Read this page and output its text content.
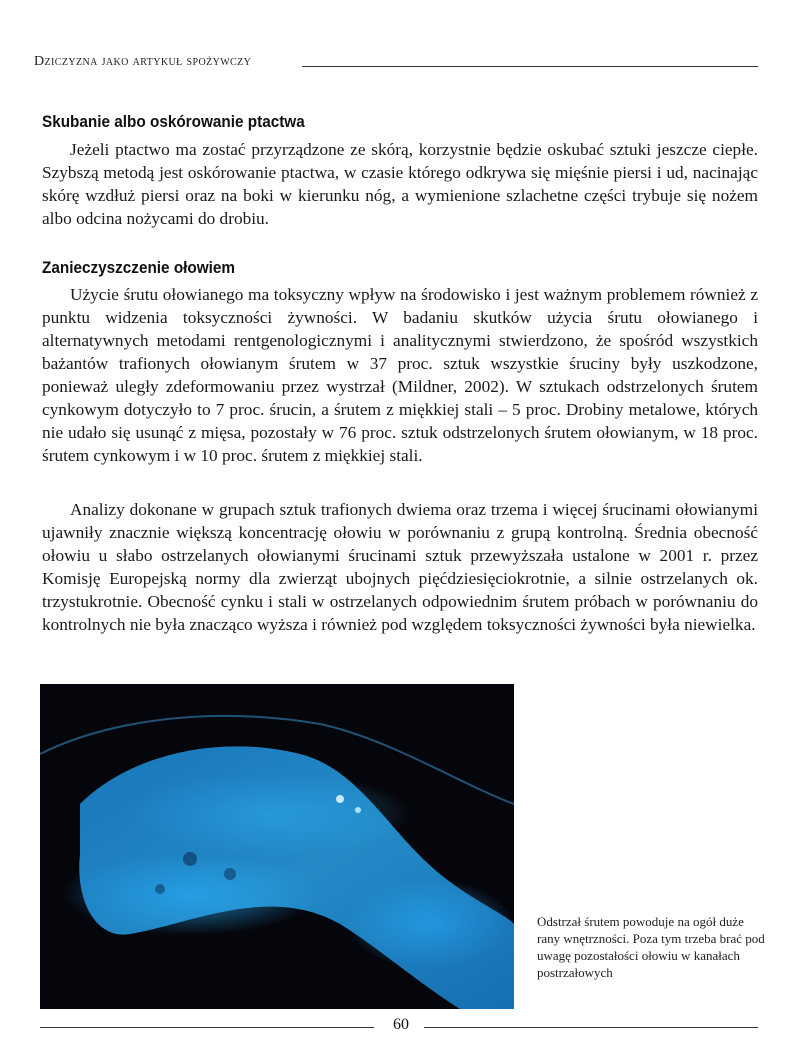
Dziczyzna jako artykuł spożywczy
Skubanie albo oskórowanie ptactwa

Jeżeli ptactwo ma zostać przyrządzone ze skórą, korzystnie będzie oskubać sztuki jeszcze ciepłe. Szybszą metodą jest oskórowanie ptactwa, w czasie którego odkrywa się mięśnie piersi i ud, nacinając skórę wzdłuż piersi oraz na boki w kierunku nóg, a wymienione szlachetne części trybuje się nożem albo odcina nożycami do drobiu.

Zanieczyszczenie ołowiem

Użycie śrutu ołowianego ma toksyczny wpływ na środowisko i jest ważnym problemem również z punktu widzenia toksyczności żywności. W badaniu skutków użycia śrutu ołowianego i alternatywnych metodami rentgenologicznymi i analitycznymi stwierdzono, że spośród wszystkich bażantów trafionych ołowianym śrutem w 37 proc. sztuk wszystkie śruciny były uszkodzone, ponieważ uległy zdeformowaniu przez wystrzał (Mildner, 2002). W sztukach odstrzelonych śrutem cynkowym dotyczyło to 7 proc. śrucin, a śrutem z miękkiej stali – 5 proc. Drobiny metalowe, których nie udało się usunąć z mięsa, pozostały w 76 proc. sztuk odstrzelonych śrutem ołowianym, w 18 proc. śrutem cynkowym i w 10 proc. śrutem z miękkiej stali.

Analizy dokonane w grupach sztuk trafionych dwiema oraz trzema i więcej śrucinami ołowianymi ujawniły znacznie większą koncentrację ołowiu w porównaniu z grupą kontrolną. Średnia obecność ołowiu u słabo ostrzelanych ołowianymi śrucinami sztuk przewyższała ustalone w 2001 r. przez Komisję Europejską normy dla zwierząt ubojnych pięćdziesięciokrotnie, a silnie ostrzelanych ok. trzystukrotnie. Obecność cynku i stali w ostrzelanych odpowiednim śrutem próbach w porównaniu do kontrolnych nie była znacząco wyższa i również pod względem toksyczności żywności była niewielka.

Odstrzał śrutem powoduje na ogół duże rany wnętrzności. Poza tym trzeba brać pod uwagę pozostałości ołowiu w kanałach postrzałowych
60
